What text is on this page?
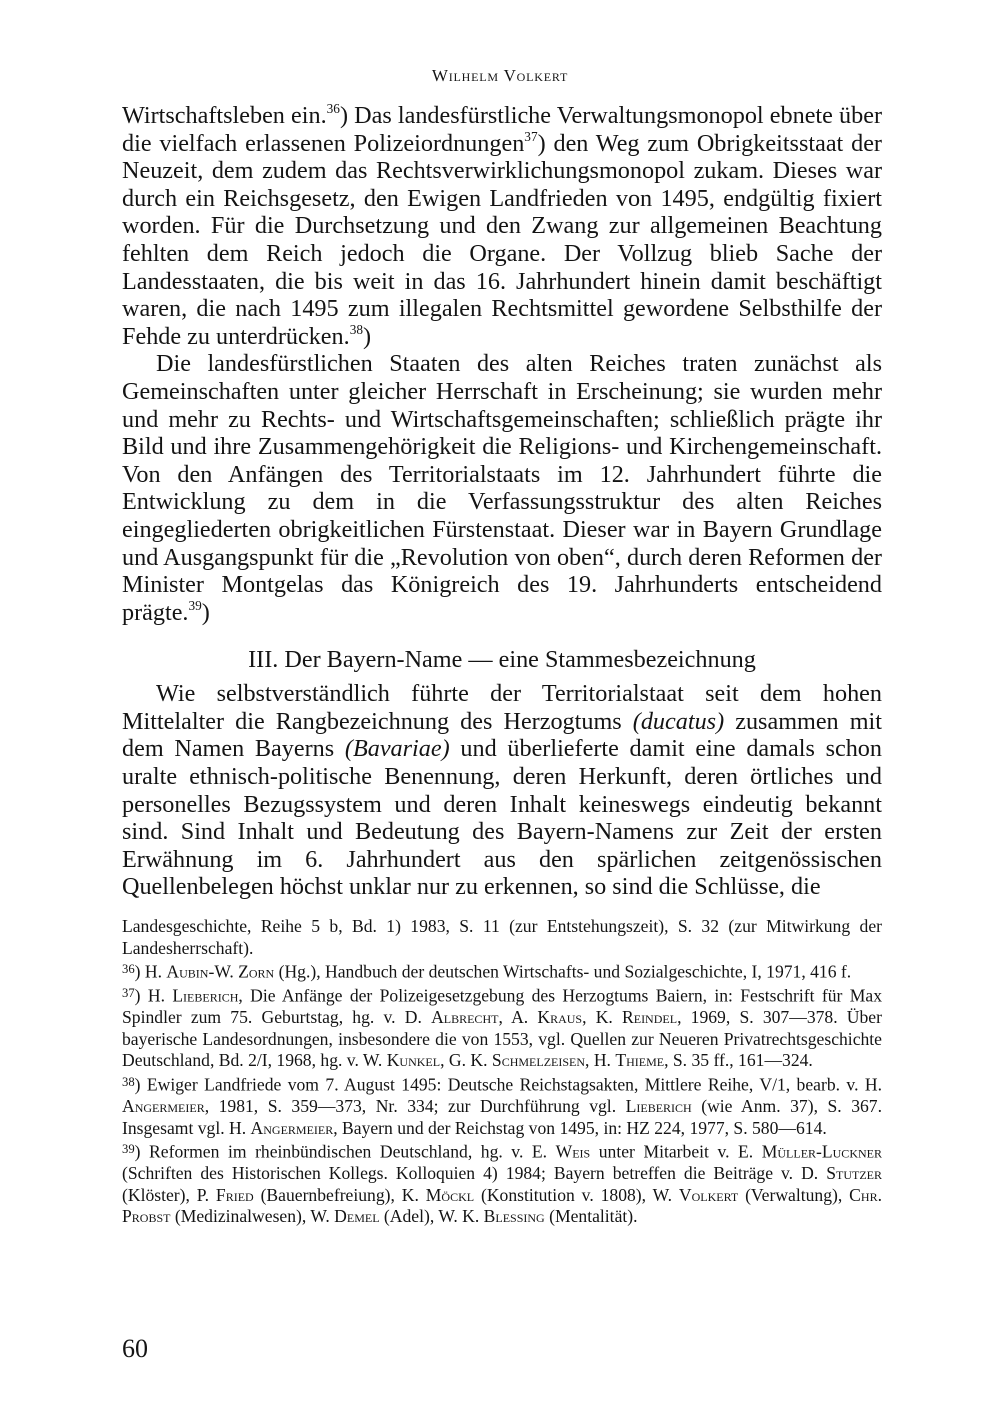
Wilhelm Volkert

Wirtschaftsleben ein.$^{36}$) Das landesfürstliche Verwaltungsmonopol ebnete über die vielfach erlassenen Polizeiordnungen$^{37}$) den Weg zum Obrigkeitsstaat der Neuzeit, dem zudem das Rechtsverwirklichungsmonopol zukam. Dieses war durch ein Reichsgesetz, den Ewigen Landfrieden von 1495, endgültig fixiert worden. Für die Durchsetzung und den Zwang zur allgemeinen Beachtung fehlten dem Reich jedoch die Organe. Der Vollzug blieb Sache der Landesstaaten, die bis weit in das 16. Jahrhundert hinein damit beschäftigt waren, die nach 1495 zum illegalen Rechtsmittel gewordene Selbsthilfe der Fehde zu unterdrücken.$^{38}$)

Die landesfürstlichen Staaten des alten Reiches traten zunächst als Gemeinschaften unter gleicher Herrschaft in Erscheinung; sie wurden mehr und mehr zu Rechts- und Wirtschaftsgemeinschaften; schließlich prägte ihr Bild und ihre Zusammengehörigkeit die Religions- und Kirchengemeinschaft. Von den Anfängen des Territorialstaats im 12. Jahrhundert führte die Entwicklung zu dem in die Verfassungsstruktur des alten Reiches eingegliederten obrigkeitlichen Fürstenstaat. Dieser war in Bayern Grundlage und Ausgangspunkt für die „Revolution von oben“, durch deren Reformen der Minister Montgelas das Königreich des 19. Jahrhunderts entscheidend prägte.$^{39}$)

III. Der Bayern-Name — eine Stammesbezeichnung

Wie selbstverständlich führte der Territorialstaat seit dem hohen Mittelalter die Rangbezeichnung des Herzogtums (ducatus) zusammen mit dem Namen Bayerns (Bavariae) und überlieferte damit eine damals schon uralte ethnisch-politische Benennung, deren Herkunft, deren örtliches und personelles Bezugssystem und deren Inhalt keineswegs eindeutig bekannt sind. Sind Inhalt und Bedeutung des Bayern-Namens zur Zeit der ersten Erwähnung im 6. Jahrhundert aus den spärlichen zeitgenössischen Quellenbelegen höchst unklar nur zu erkennen, so sind die Schlüsse, die

Landesgeschichte, Reihe 5 b, Bd. 1) 1983, S. 11 (zur Entstehungszeit), S. 32 (zur Mitwirkung der Landesherrschaft).

$^{36}$) H. Aubin-W. Zorn (Hg.), Handbuch der deutschen Wirtschafts- und Sozialgeschichte, I, 1971, 416 f.

$^{37}$) H. Lieberich, Die Anfänge der Polizeigesetzgebung des Herzogtums Baiern, in: Festschrift für Max Spindler zum 75. Geburtstag, hg. v. D. Albrecht, A. Kraus, K. Reindel, 1969, S. 307—378. Über bayerische Landesordnungen, insbesondere die von 1553, vgl. Quellen zur Neueren Privatrechtsgeschichte Deutschland, Bd. 2/I, 1968, hg. v. W. Kunkel, G. K. Schmelzeisen, H. Thieme, S. 35 ff., 161—324.

$^{38}$) Ewiger Landfriede vom 7. August 1495: Deutsche Reichstagsakten, Mittlere Reihe, V/1, bearb. v. H. Angermeier, 1981, S. 359—373, Nr. 334; zur Durchführung vgl. Lieberich (wie Anm. 37), S. 367. Insgesamt vgl. H. Angermeier, Bayern und der Reichstag von 1495, in: HZ 224, 1977, S. 580—614.

$^{39}$) Reformen im rheinbündischen Deutschland, hg. v. E. Weis unter Mitarbeit v. E. Müller-Luckner (Schriften des Historischen Kollegs. Kolloquien 4) 1984; Bayern betreffen die Beiträge v. D. Stutzer (Klöster), P. Fried (Bauernbefreiung), K. Möckl (Konstitution v. 1808), W. Volkert (Verwaltung), Chr. Probst (Medizinalwesen), W. Demel (Adel), W. K. Blessing (Mentalität).

60
